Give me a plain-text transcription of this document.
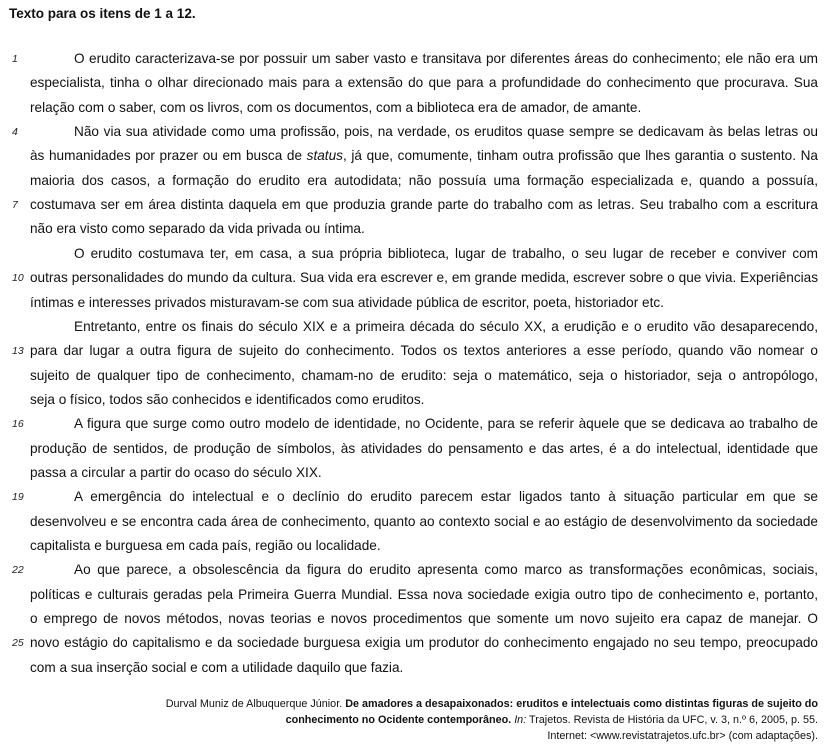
Texto para os itens de 1 a 12.
O erudito caracterizava-se por possuir um saber vasto e transitava por diferentes áreas do conhecimento; ele não era um
1
especialista, tinha o olhar direcionado mais para a extensão do que para a profundidade do conhecimento que procurava. Sua
relação com o saber, com os livros, com os documentos, com a biblioteca era de amador, de amante.
Não via sua atividade como uma profissão, pois, na verdade, os eruditos quase sempre se dedicavam às belas letras ou
4
às humanidades por prazer ou em busca de status, já que, comumente, tinham outra profissão que lhes garantia o sustento. Na
maioria dos casos, a formação do erudito era autodidata; não possuía uma formação especializada e, quando a possuía,
costumava ser em área distinta daquela em que produzia grande parte do trabalho com as letras. Seu trabalho com a escritura
7
não era visto como separado da vida privada ou íntima.
O erudito costumava ter, em casa, a sua própria biblioteca, lugar de trabalho, o seu lugar de receber e conviver com
outras personalidades do mundo da cultura. Sua vida era escrever e, em grande medida, escrever sobre o que vivia. Experiências
10
íntimas e interesses privados misturavam-se com sua atividade pública de escritor, poeta, historiador etc.
Entretanto, entre os finais do século XIX e a primeira década do século XX, a erudição e o erudito vão desaparecendo,
para dar lugar a outra figura de sujeito do conhecimento. Todos os textos anteriores a esse período, quando vão nomear o
13
sujeito de qualquer tipo de conhecimento, chamam-no de erudito: seja o matemático, seja o historiador, seja o antropólogo,
seja o físico, todos são conhecidos e identificados como eruditos.
A figura que surge como outro modelo de identidade, no Ocidente, para se referir àquele que se dedicava ao trabalho de
16
produção de sentidos, de produção de símbolos, às atividades do pensamento e das artes, é a do intelectual, identidade que
passa a circular a partir do ocaso do século XIX.
A emergência do intelectual e o declínio do erudito parecem estar ligados tanto à situação particular em que se
19
desenvolveu e se encontra cada área de conhecimento, quanto ao contexto social e ao estágio de desenvolvimento da sociedade
capitalista e burguesa em cada país, região ou localidade.
Ao que parece, a obsolescência da figura do erudito apresenta como marco as transformações econômicas, sociais,
22
políticas e culturais geradas pela Primeira Guerra Mundial. Essa nova sociedade exigia outro tipo de conhecimento e, portanto,
o emprego de novos métodos, novas teorias e novos procedimentos que somente um novo sujeito era capaz de manejar. O
novo estágio do capitalismo e da sociedade burguesa exigia um produtor do conhecimento engajado no seu tempo, preocupado
25
com a sua inserção social e com a utilidade daquilo que fazia.
Durval Muniz de Albuquerque Júnior. De amadores a desapaixonados: eruditos e intelectuais como distintas figuras de sujeito do
conhecimento no Ocidente contemporâneo. In: Trajetos. Revista de História da UFC, v. 3, n.º 6, 2005, p. 55.
Internet: <www.revistatrajetos.ufc.br> (com adaptações).
